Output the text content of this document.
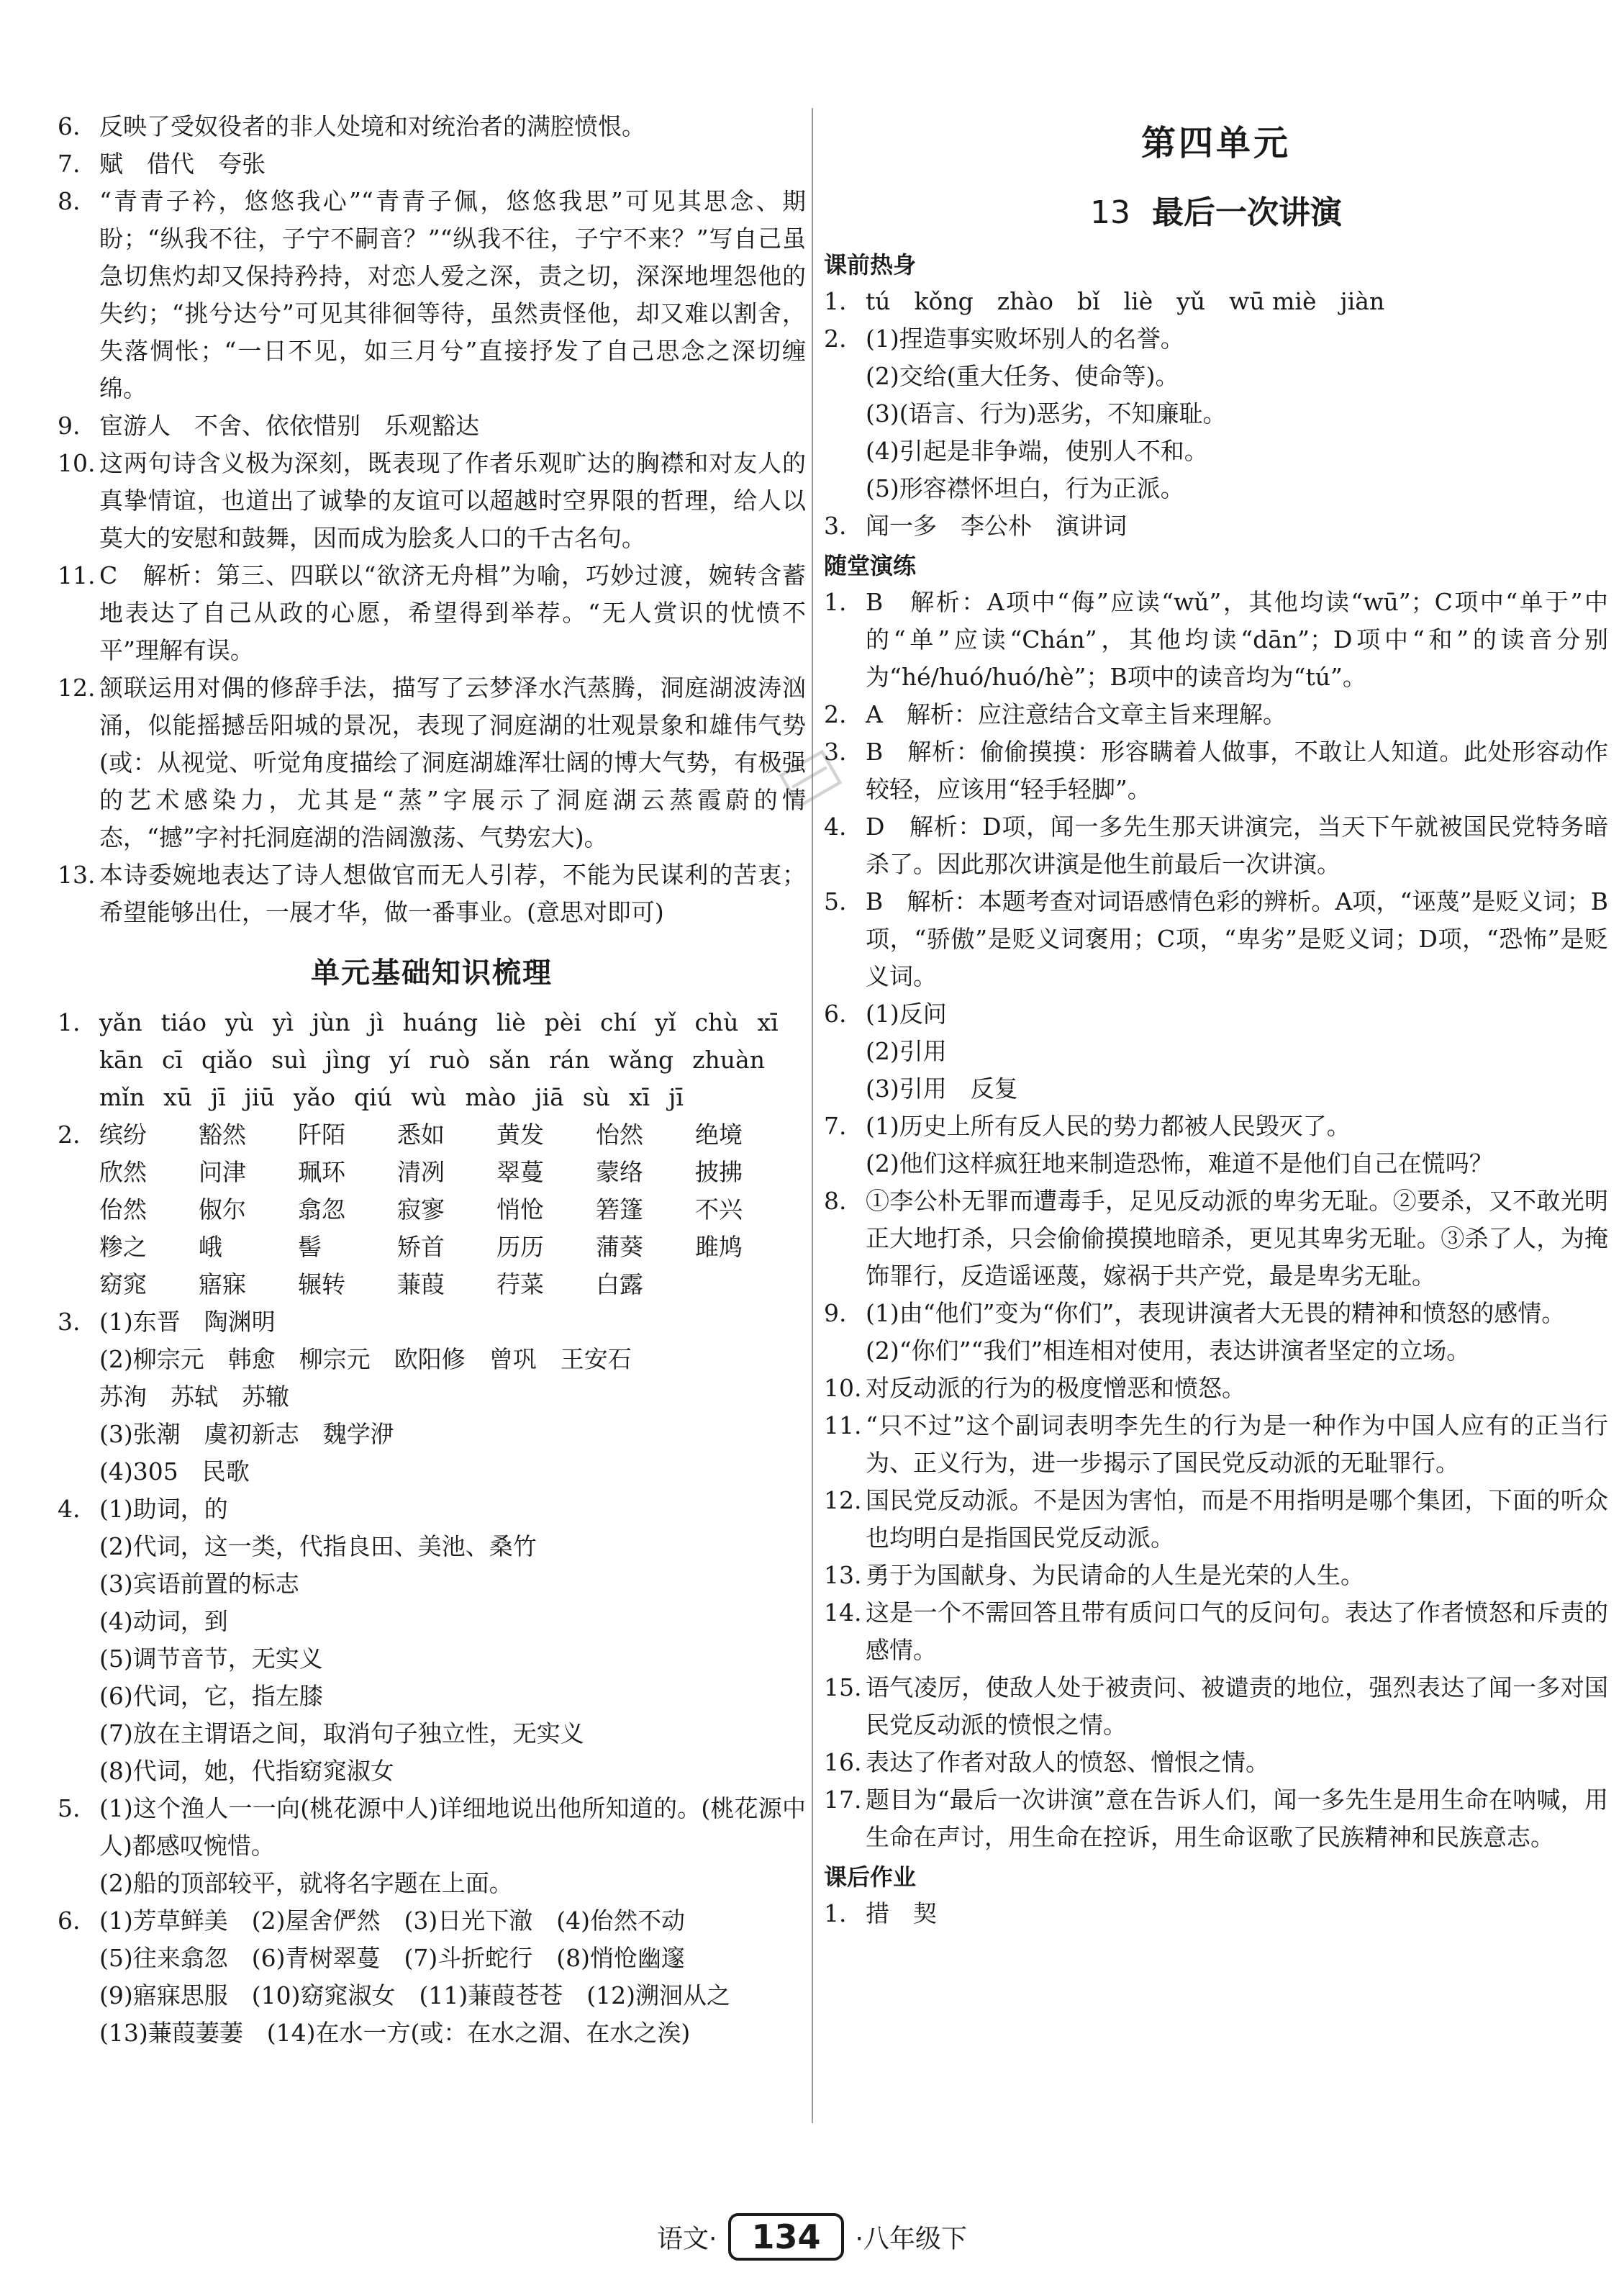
6. 反映了受奴役者的非人处境和对统治者的满腔愤恨。
7. 赋　借代　夸张
8. “青青子衿，悠悠我心”“青青子佩，悠悠我思”可见其思念、期盼；“纵我不往，子宁不嗣音？”“纵我不往，子宁不来？”写自己虽急切焦灼却又保持矜持，对恋人爱之深，责之切，深深地埋怨他的失约；“挑兮达兮”可见其徘徊等待，虽然责怪他，却又难以割舍，失落惆怅；“一日不见，如三月兮”直接抒发了自己思念之深切缠绵。
9. 宦游人　不舍、依依惜别　乐观豁达
10. 这两句诗含义极为深刻，既表现了作者乐观旷达的胸襟和对友人的真挚情谊，也道出了诚挚的友谊可以超越时空界限的哲理，给人以莫大的安慰和鼓舞，因而成为脍炙人口的千古名句。
11. C　解析：第三、四联以“欲济无舟楫”为喻，巧妙过渡，婉转含蓄地表达了自己从政的心愿，希望得到举荐。“无人赏识的忧愤不平”理解有误。
12. 颔联运用对偶的修辞手法，描写了云梦泽水汽蒸腾，洞庭湖波涛汹涌，似能摇撼岳阳城的景况，表现了洞庭湖的壮观景象和雄伟气势(或：从视觉、听觉角度描绘了洞庭湖雄浑壮阔的博大气势，有极强的艺术感染力，尤其是“蒸”字展示了洞庭湖云蒸霞蔚的情态，“撼”字衬托洞庭湖的浩阔激荡、气势宏大)。
13. 本诗委婉地表达了诗人想做官而无人引荐，不能为民谋利的苦衷；希望能够出仕，一展才华，做一番事业。(意思对即可)
单元基础知识梳理
1. yǎn tiáo yù yì jùn jì huáng liè pèi chí yǐ chù xīkān cī qiǎo suì jìng yí ruò sǎn rán wǎng zhuànmǐn xū jī jiū yǎo qiú wù mào jiā sù xī jī
2. 缤纷 豁然 阡陌 悉如 黄发 怡然 绝境欣然 问津 珮环 清冽 翠蔓 蒙络 披拂佁然 俶尔 翕忽 寂寥 悄怆 箬篷 不兴糁之 峨	髻	矫首 历历 蒲葵 雎鸠窈窕 寤寐 辗转 蒹葭 荇菜 白露
3. (1)东晋　陶渊明
(2)柳宗元　韩愈　柳宗元　欧阳修　曾巩　王安石
苏洵　苏轼　苏辙
(3)张潮　虞初新志　魏学洢
(4)305　民歌
4. (1)助词，的
(2)代词，这一类，代指良田、美池、桑竹
(3)宾语前置的标志
(4)动词，到
(5)调节音节，无实义
(6)代词，它，指左膝
(7)放在主谓语之间，取消句子独立性，无实义
(8)代词，她，代指窈窕淑女
5. (1)这个渔人一一向(桃花源中人)详细地说出他所知道的。(桃花源中人)都感叹惋惜。
(2)船的顶部较平，就将名字题在上面。
6. (1)芳草鲜美　(2)屋舍俨然　(3)日光下澈　(4)佁然不动
(5)往来翕忽　(6)青树翠蔓　(7)斗折蛇行　(8)悄怆幽邃
(9)寤寐思服　(10)窈窕淑女　(11)蒹葭苍苍　(12)溯洄从之
(13)蒹葭萋萋　(14)在水一方(或：在水之湄、在水之涘)
第四单元
13 最后一次讲演
课前热身
1. tú　kǒng　zhào　bǐ　liè　yǔ　wū miè　jiàn
2. (1)捏造事实败坏别人的名誉。
(2)交给(重大任务、使命等)。
(3)(语言、行为)恶劣，不知廉耻。
(4)引起是非争端，使别人不和。
(5)形容襟怀坦白，行为正派。
3. 闻一多　李公朴　演讲词
随堂演练
1. B　解析：A项中“侮”应读“wǔ”，其他均读“wū”；C项中“单于”中的“单”应读“Chán”，其他均读“dān”；D项中“和”的读音分别为“hé/huó/huó/hè”；B项中的读音均为“tú”。
2. A　解析：应注意结合文章主旨来理解。
3. B　解析：偷偷摸摸：形容瞒着人做事，不敢让人知道。此处形容动作较轻，应该用“轻手轻脚”。
4. D　解析：D项，闻一多先生那天讲演完，当天下午就被国民党特务暗杀了。因此那次讲演是他生前最后一次讲演。
5. B　解析：本题考查对词语感情色彩的辨析。A项，“诬蔑”是贬义词；B项，“骄傲”是贬义词褒用；C项，“卑劣”是贬义词；D项，“恐怖”是贬义词。
6. (1)反问
(2)引用
(3)引用　反复
7. (1)历史上所有反人民的势力都被人民毁灭了。
(2)他们这样疯狂地来制造恐怖，难道不是他们自己在慌吗？
8. ①李公朴无罪而遭毒手，足见反动派的卑劣无耻。②要杀，又不敢光明正大地打杀，只会偷偷摸摸地暗杀，更见其卑劣无耻。③杀了人，为掩饰罪行，反造谣诬蔑，嫁祸于共产党，最是卑劣无耻。
9. (1)由“他们”变为“你们”，表现讲演者大无畏的精神和愤怒的感情。
(2)“你们”“我们”相连相对使用，表达讲演者坚定的立场。
10. 对反动派的行为的极度憎恶和愤怒。
11. “只不过”这个副词表明李先生的行为是一种作为中国人应有的正当行为、正义行为，进一步揭示了国民党反动派的无耻罪行。
12. 国民党反动派。不是因为害怕，而是不用指明是哪个集团，下面的听众也均明白是指国民党反动派。
13. 勇于为国献身、为民请命的人生是光荣的人生。
14. 这是一个不需回答且带有质问口气的反问句。表达了作者愤怒和斥责的感情。
15. 语气凌厉，使敌人处于被责问、被谴责的地位，强烈表达了闻一多对国民党反动派的愤恨之情。
16. 表达了作者对敌人的愤怒、憎恨之情。
17. 题目为“最后一次讲演”意在告诉人们，闻一多先生是用生命在呐喊，用生命在声讨，用生命在控诉，用生命讴歌了民族精神和民族意志。
课后作业
1. 措　契
语文· 134 ·八年级下
